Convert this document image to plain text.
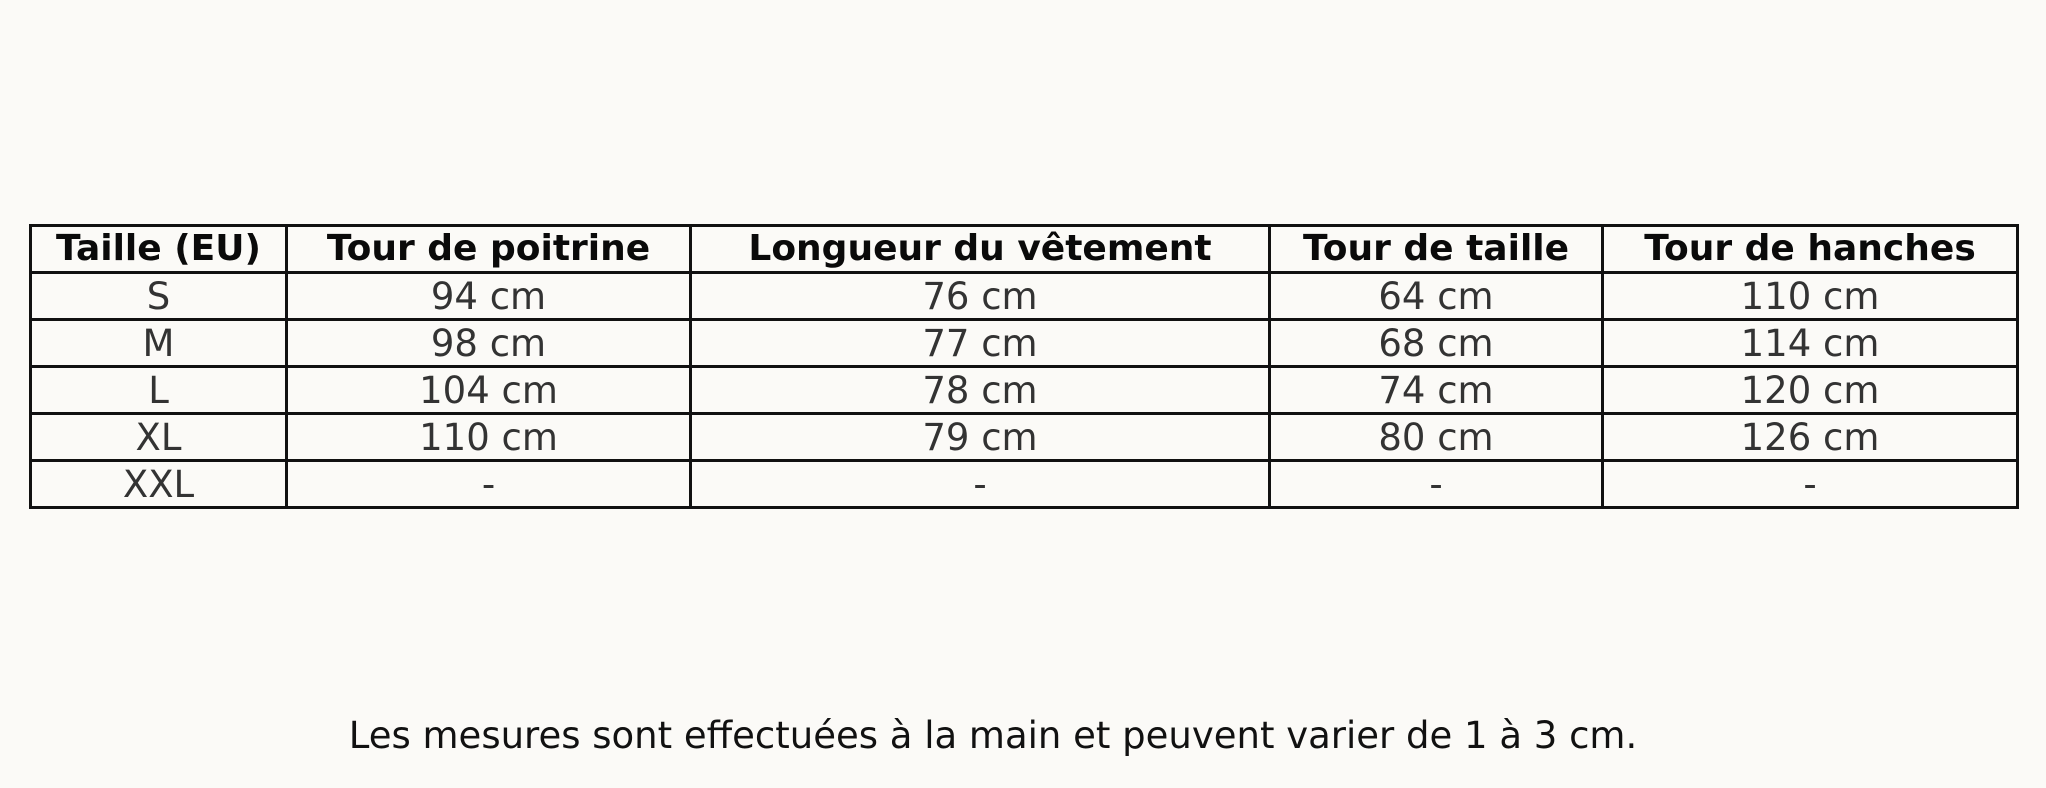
Taille (EU)	Tour de poitrine	Longueur du vêtement	Tour de taille	Tour de hanches
S	94 cm	76 cm	64 cm	110 cm
M	98 cm	77 cm	68 cm	114 cm
L	104 cm	78 cm	74 cm	120 cm
XL	110 cm	79 cm	80 cm	126 cm
XXL	-	-	-	-
Les mesures sont effectuées à la main et peuvent varier de 1 à 3 cm.
